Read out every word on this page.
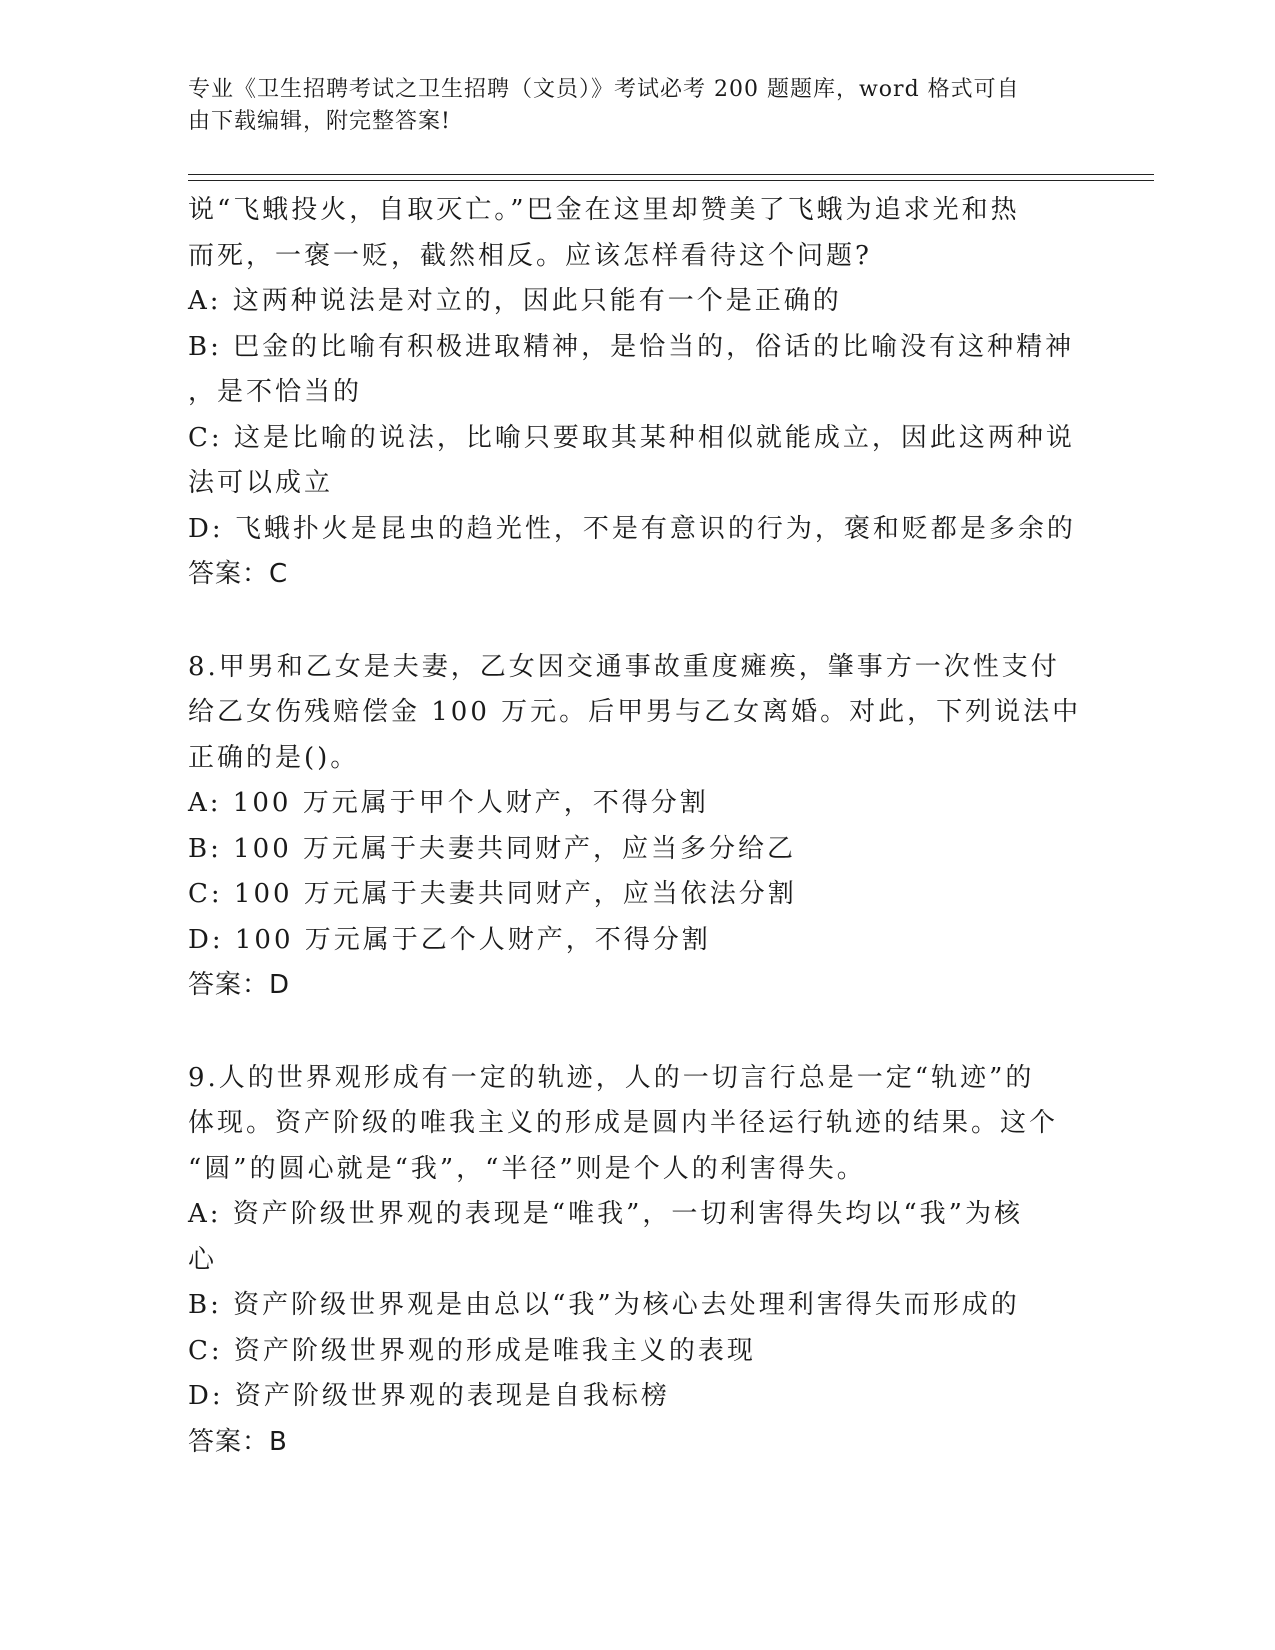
专业《卫生招聘考试之卫生招聘（文员）》考试必考 200 题题库，word 格式可自
由下载编辑，附完整答案!
说“飞蛾投火，自取灭亡。”巴金在这里却赞美了飞蛾为追求光和热
而死，一褒一贬，截然相反。应该怎样看待这个问题?
A: 这两种说法是对立的，因此只能有一个是正确的
B: 巴金的比喻有积极进取精神，是恰当的，俗话的比喻没有这种精神
，是不恰当的
C: 这是比喻的说法，比喻只要取其某种相似就能成立，因此这两种说
法可以成立
D: 飞蛾扑火是昆虫的趋光性，不是有意识的行为，褒和贬都是多余的
答案：C
8.甲男和乙女是夫妻，乙女因交通事故重度瘫痪，肇事方一次性支付
给乙女伤残赔偿金 100 万元。后甲男与乙女离婚。对此，下列说法中
正确的是()。
A: 100 万元属于甲个人财产，不得分割
B: 100 万元属于夫妻共同财产，应当多分给乙
C: 100 万元属于夫妻共同财产，应当依法分割
D: 100 万元属于乙个人财产，不得分割
答案：D
9.人的世界观形成有一定的轨迹，人的一切言行总是一定“轨迹”的
体现。资产阶级的唯我主义的形成是圆内半径运行轨迹的结果。这个
“圆”的圆心就是“我”，“半径”则是个人的利害得失。
A: 资产阶级世界观的表现是“唯我”，一切利害得失均以“我”为核
心
B: 资产阶级世界观是由总以“我”为核心去处理利害得失而形成的
C: 资产阶级世界观的形成是唯我主义的表现
D: 资产阶级世界观的表现是自我标榜
答案：B
